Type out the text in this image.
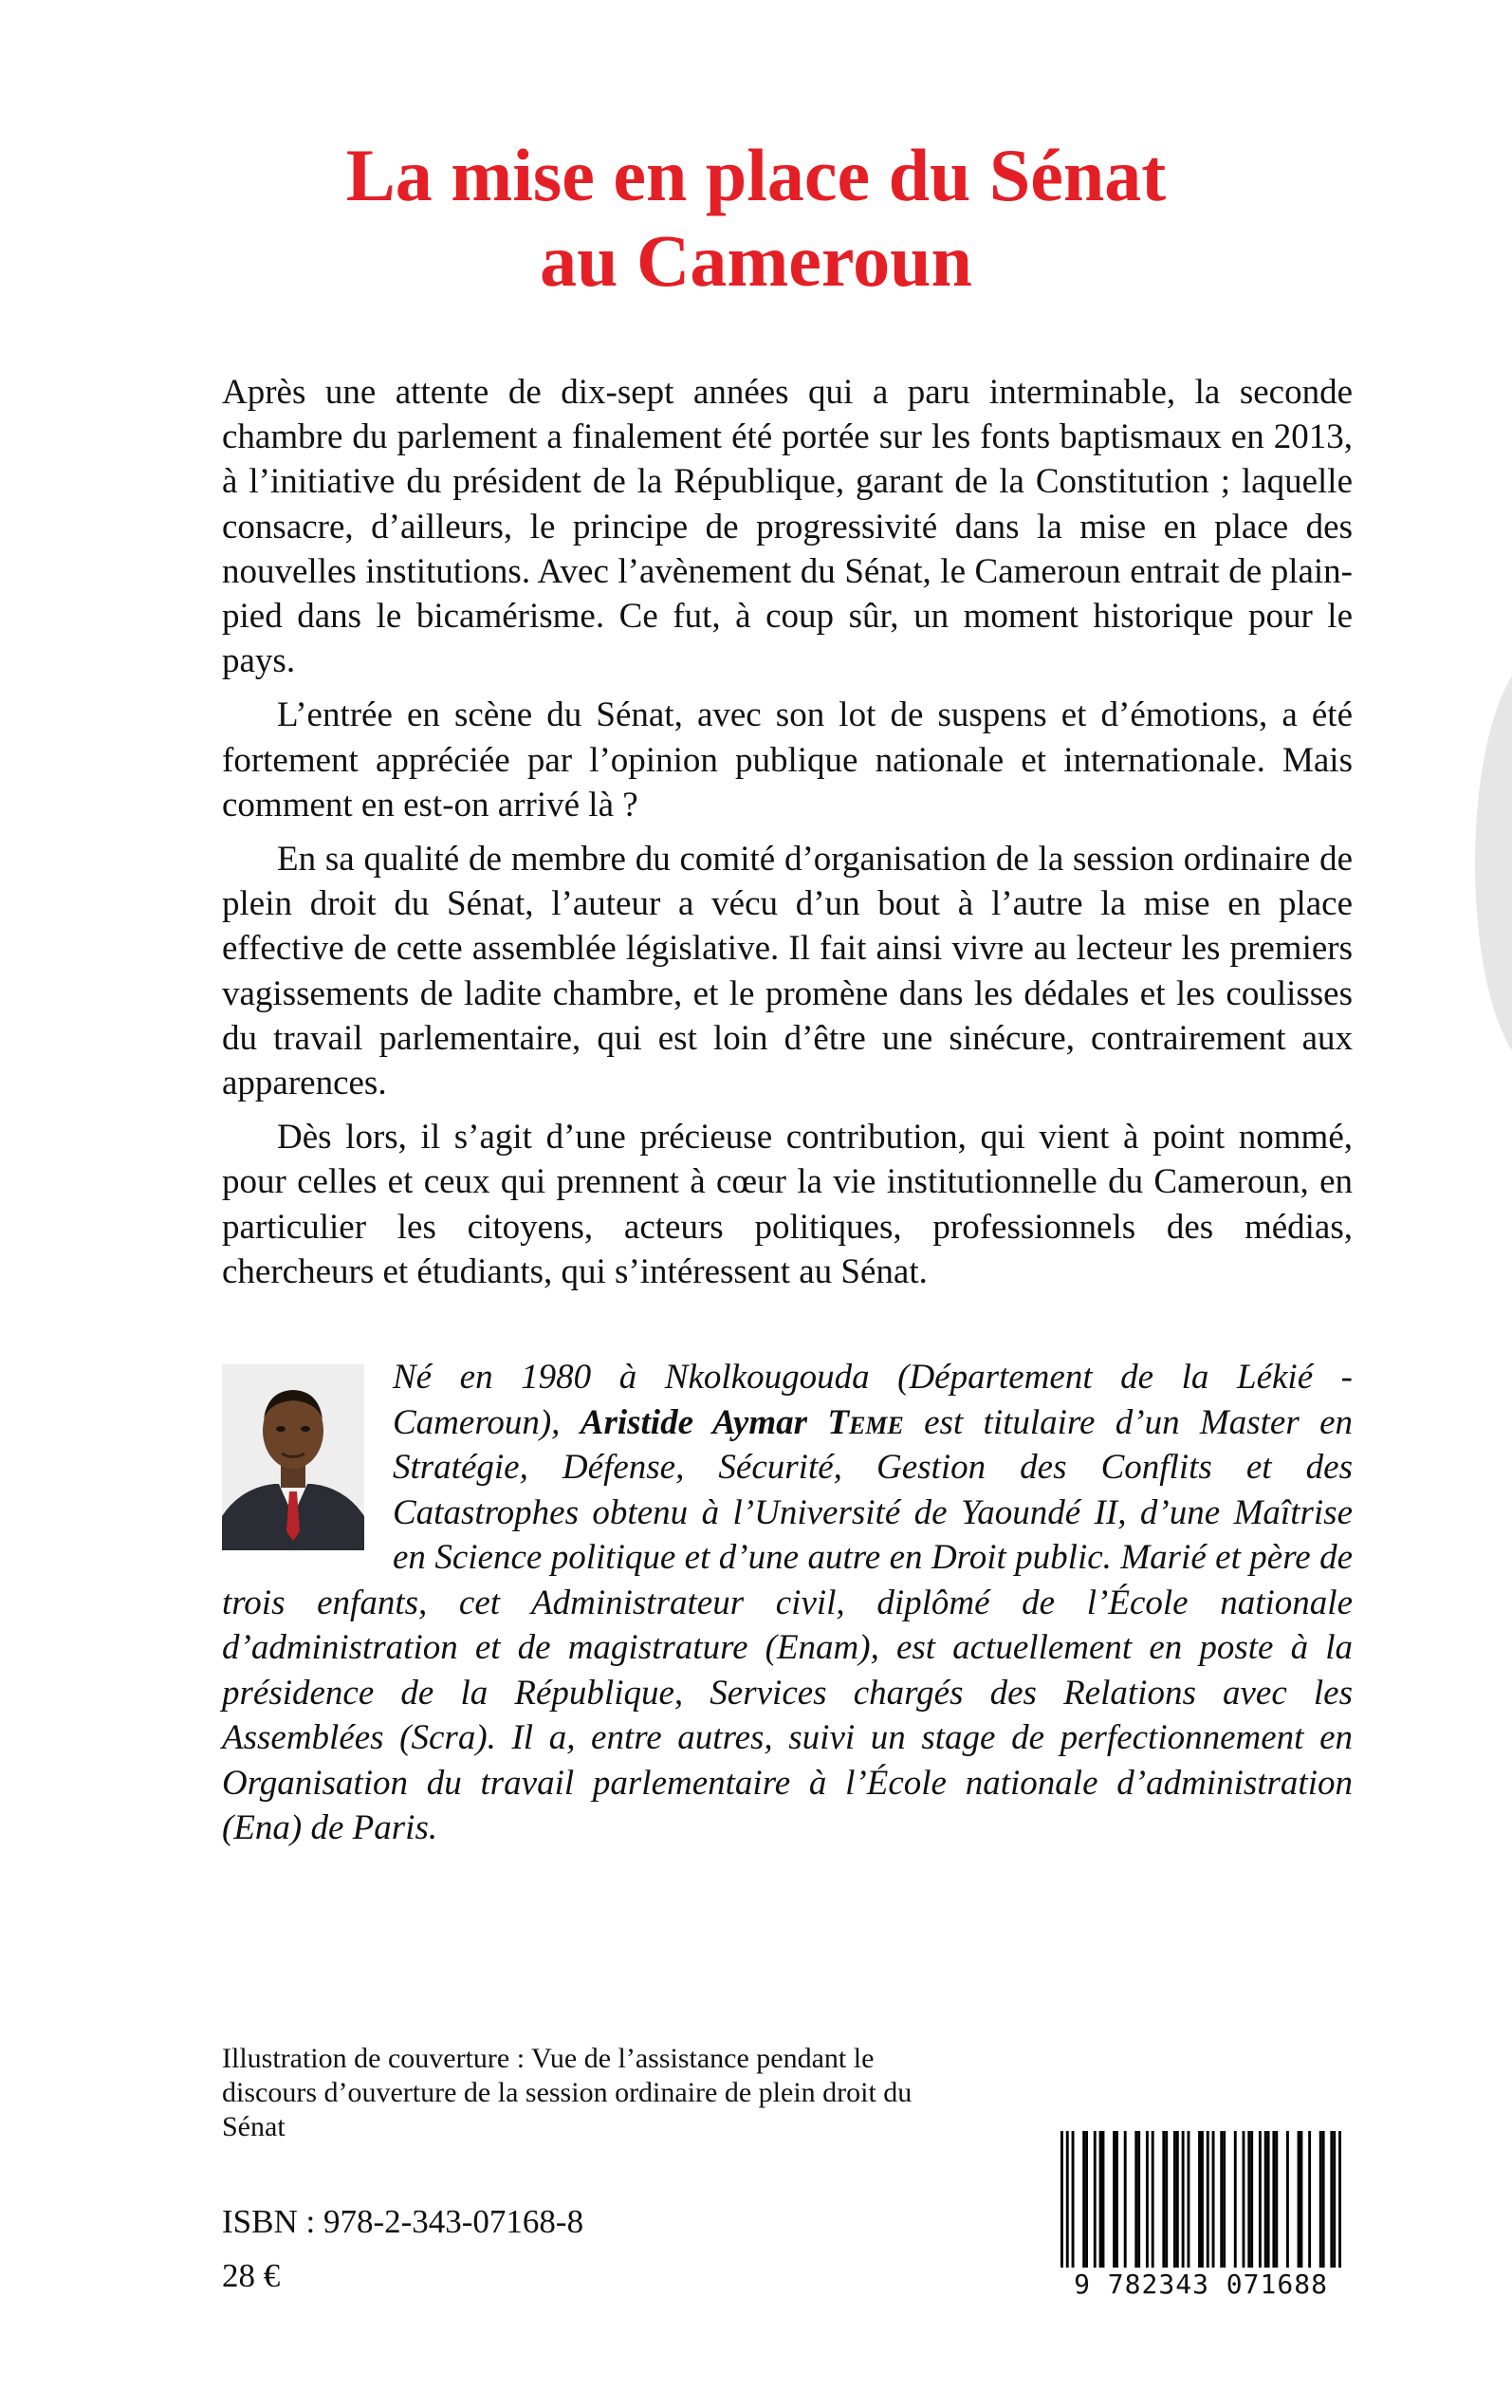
La mise en place du Sénat
au Cameroun

Après une attente de dix-sept années qui a paru interminable, la seconde chambre du parlement a finalement été portée sur les fonts baptismaux en 2013, à l’initiative du président de la République, garant de la Constitution ; laquelle consacre, d’ailleurs, le principe de progressivité dans la mise en place des nouvelles institutions. Avec l’avènement du Sénat, le Cameroun entrait de plain-pied dans le bicamérisme. Ce fut, à coup sûr, un moment historique pour le pays.

L’entrée en scène du Sénat, avec son lot de suspens et d’émotions, a été fortement appréciée par l’opinion publique nationale et internationale. Mais comment en est-on arrivé là ?

En sa qualité de membre du comité d’organisation de la session ordinaire de plein droit du Sénat, l’auteur a vécu d’un bout à l’autre la mise en place effective de cette assemblée législative. Il fait ainsi vivre au lecteur les premiers vagissements de ladite chambre, et le promène dans les dédales et les coulisses du travail parlementaire, qui est loin d’être une sinécure, contrairement aux apparences.

Dès lors, il s’agit d’une précieuse contribution, qui vient à point nommé, pour celles et ceux qui prennent à cœur la vie institutionnelle du Cameroun, en particulier les citoyens, acteurs politiques, professionnels des médias, chercheurs et étudiants, qui s’intéressent au Sénat.

Né en 1980 à Nkolkougouda (Département de la Lékié - Cameroun), Aristide Aymar Teme est titulaire d’un Master en Stratégie, Défense, Sécurité, Gestion des Conflits et des Catastrophes obtenu à l’Université de Yaoundé II, d’une Maîtrise en Science politique et d’une autre en Droit public. Marié et père de trois enfants, cet Administrateur civil, diplômé de l’École nationale d’administration et de magistrature (Enam), est actuellement en poste à la présidence de la République, Services chargés des Relations avec les Assemblées (Scra). Il a, entre autres, suivi un stage de perfectionnement en Organisation du travail parlementaire à l’École nationale d’administration (Ena) de Paris.

Illustration de couverture : Vue de l’assistance pendant le discours d’ouverture de la session ordinaire de plein droit du Sénat
ISBN : 978-2-343-07168-8
28 €	9 782343 071688
